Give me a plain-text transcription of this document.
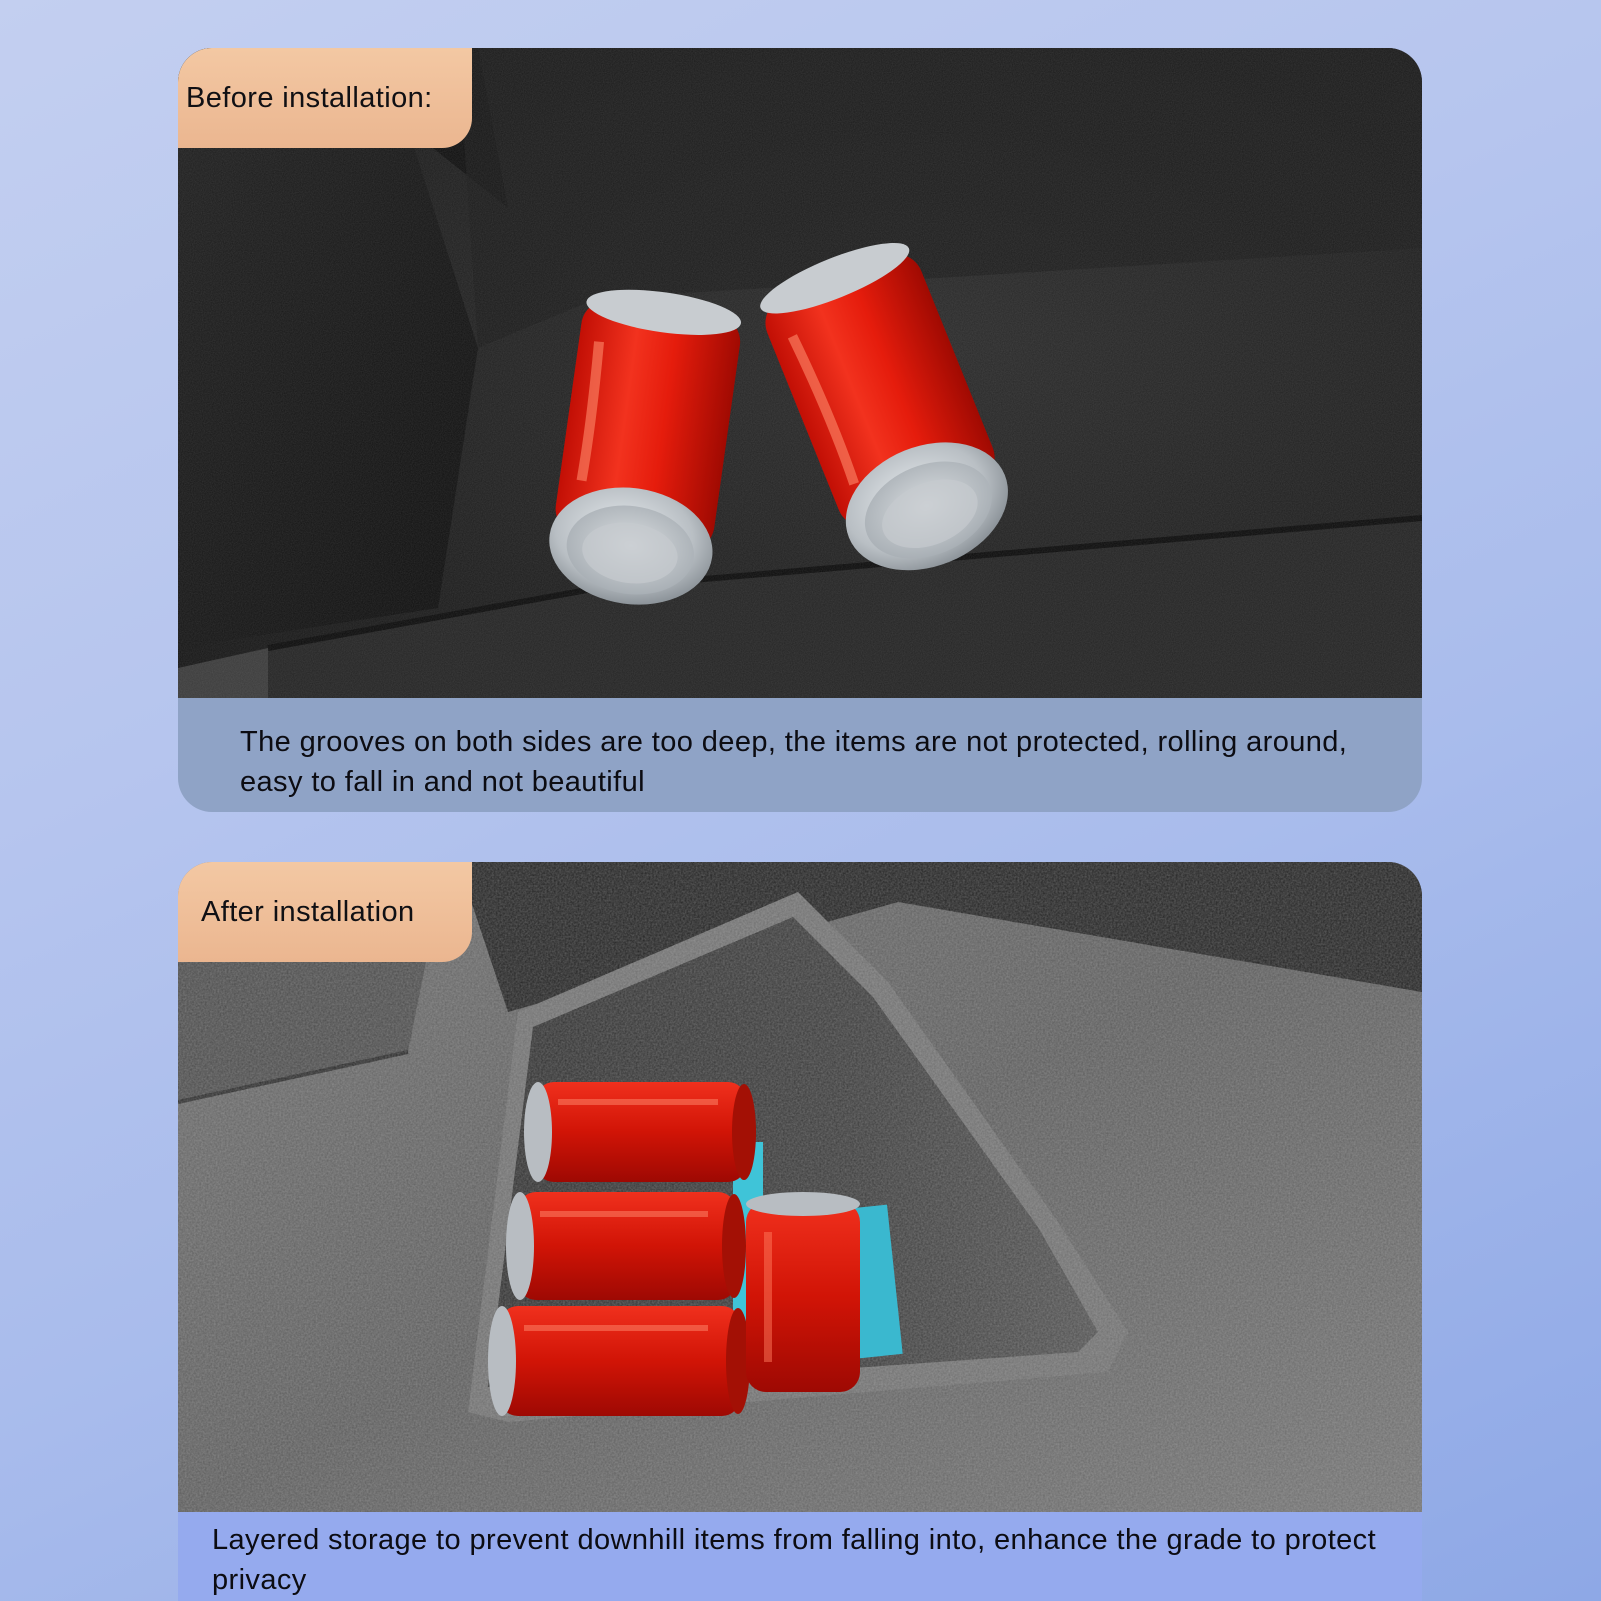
Before installation:
The grooves on both sides are too deep, the items are not protected, rolling around, easy to fall in and not beautiful
After installation
Layered storage to prevent downhill items from falling into, enhance the grade to protect privacy
